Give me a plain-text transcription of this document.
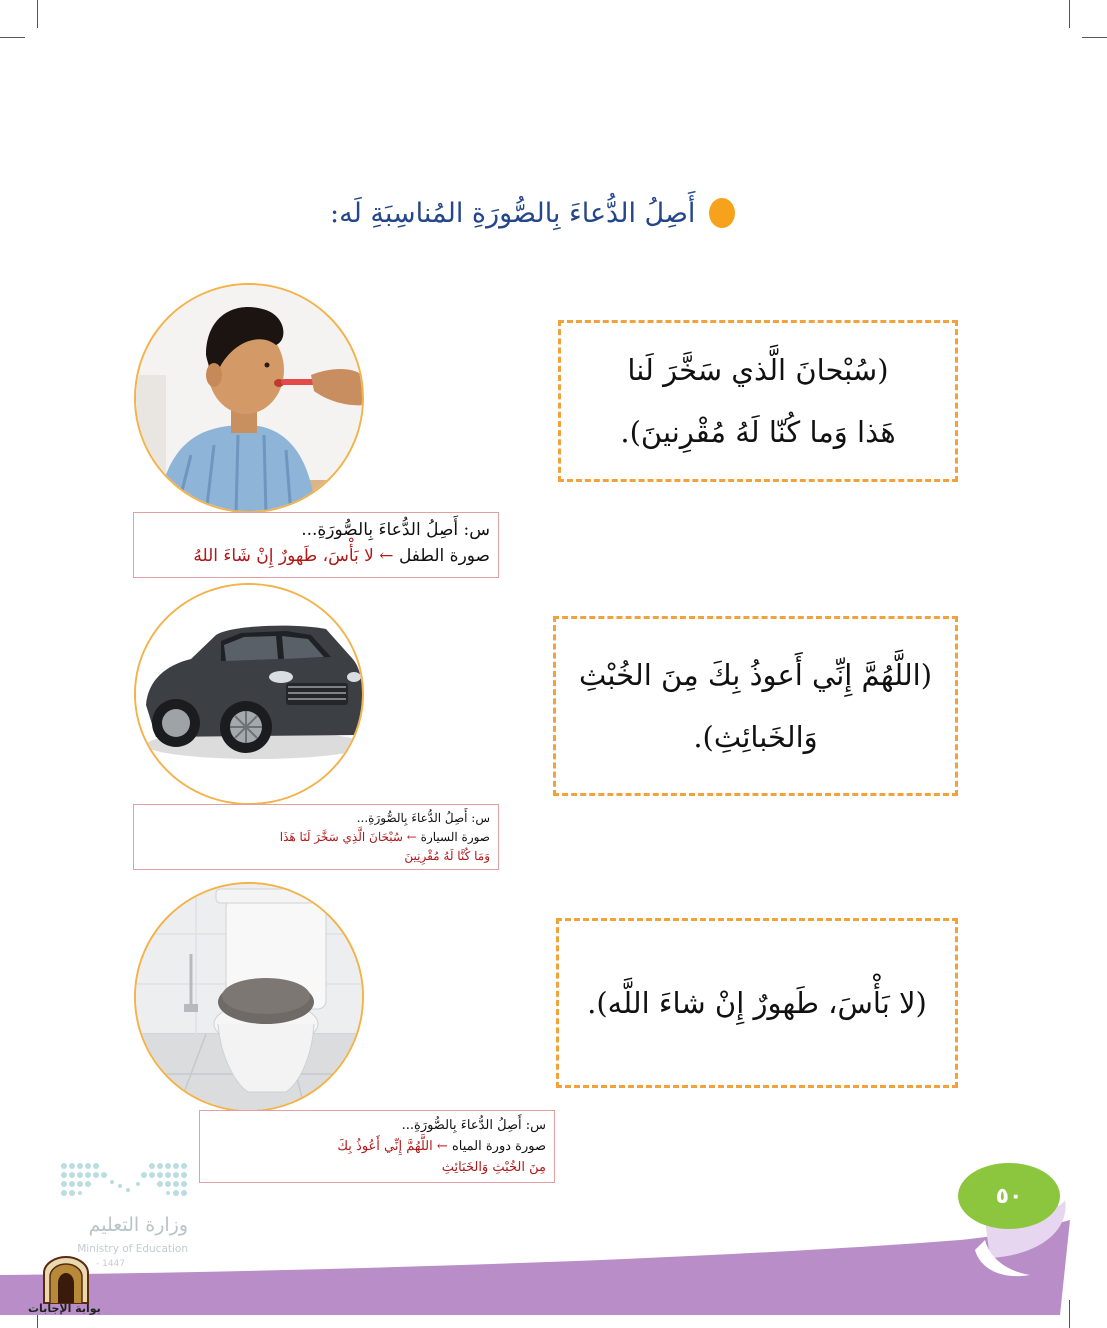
أَصِلُ الدُّعاءَ بِالصُّورَةِ المُناسِبَةِ لَه:
(سُبْحانَ الَّذي سَخَّرَ لَنا
هَذا وَما كُنّا لَهُ مُقْرِنينَ).
(اللَّهُمَّ إِنِّي أَعوذُ بِكَ مِنَ الخُبْثِ
وَالخَبائِثِ).
(لا بَأْسَ، طَهورٌ إِنْ شاءَ اللَّه).
س: أَصِلُ الدُّعاءَ بِالصُّورَةِ...
صورة الطفل ← لا بَأْسَ، طَهورٌ إِنْ شَاءَ اللهُ
س: أَصِلُ الدُّعاءَ بِالصُّورَةِ...
صورة السيارة ← سُبْحَانَ الَّذِي سَخَّرَ لَنَا هَذَا
وَمَا كُنَّا لَهُ مُقْرِنِينَ
س: أَصِلُ الدُّعاءَ بِالصُّورَةِ...
صورة دورة المياه ← اللَّهُمَّ إِنِّي أَعُوذُ بِكَ
مِنَ الخُبْثِ وَالخَبَائِثِ
٥٠
وزارة التعليم
Ministry of Education
- 1447
بوابة الإجابات
